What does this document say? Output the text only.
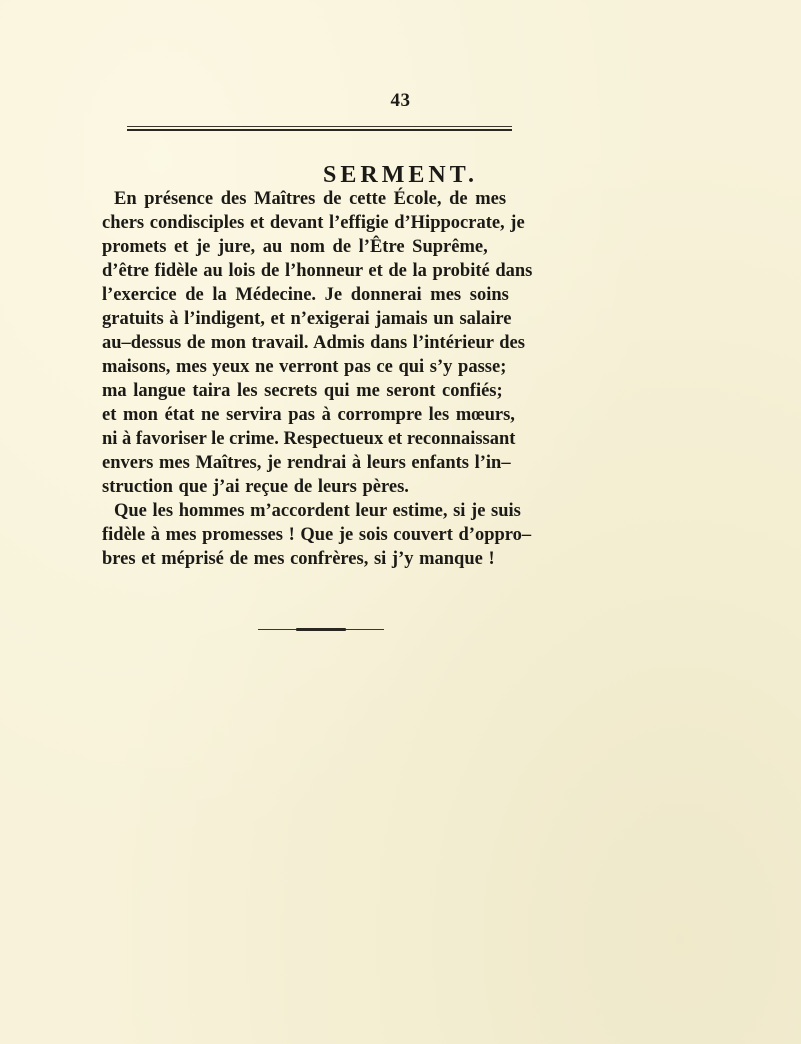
43
SERMENT.
En présence des Maîtres de cette École, de mes
chers condisciples et devant l’effigie d’Hippocrate, je
promets et je jure, au nom de l’Être Suprême,
d’être fidèle au lois de l’honneur et de la probité dans
l’exercice de la Médecine. Je donnerai mes soins
gratuits à l’indigent, et n’exigerai jamais un salaire
au–dessus de mon travail. Admis dans l’intérieur des
maisons, mes yeux ne verront pas ce qui s’y passe;
ma langue taira les secrets qui me seront confiés;
et mon état ne servira pas à corrompre les mœurs,
ni à favoriser le crime. Respectueux et reconnaissant
envers mes Maîtres, je rendrai à leurs enfants l’in–
struction que j’ai reçue de leurs pères.
Que les hommes m’accordent leur estime, si je suis
fidèle à mes promesses ! Que je sois couvert d’oppro–
bres et méprisé de mes confrères, si j’y manque !
